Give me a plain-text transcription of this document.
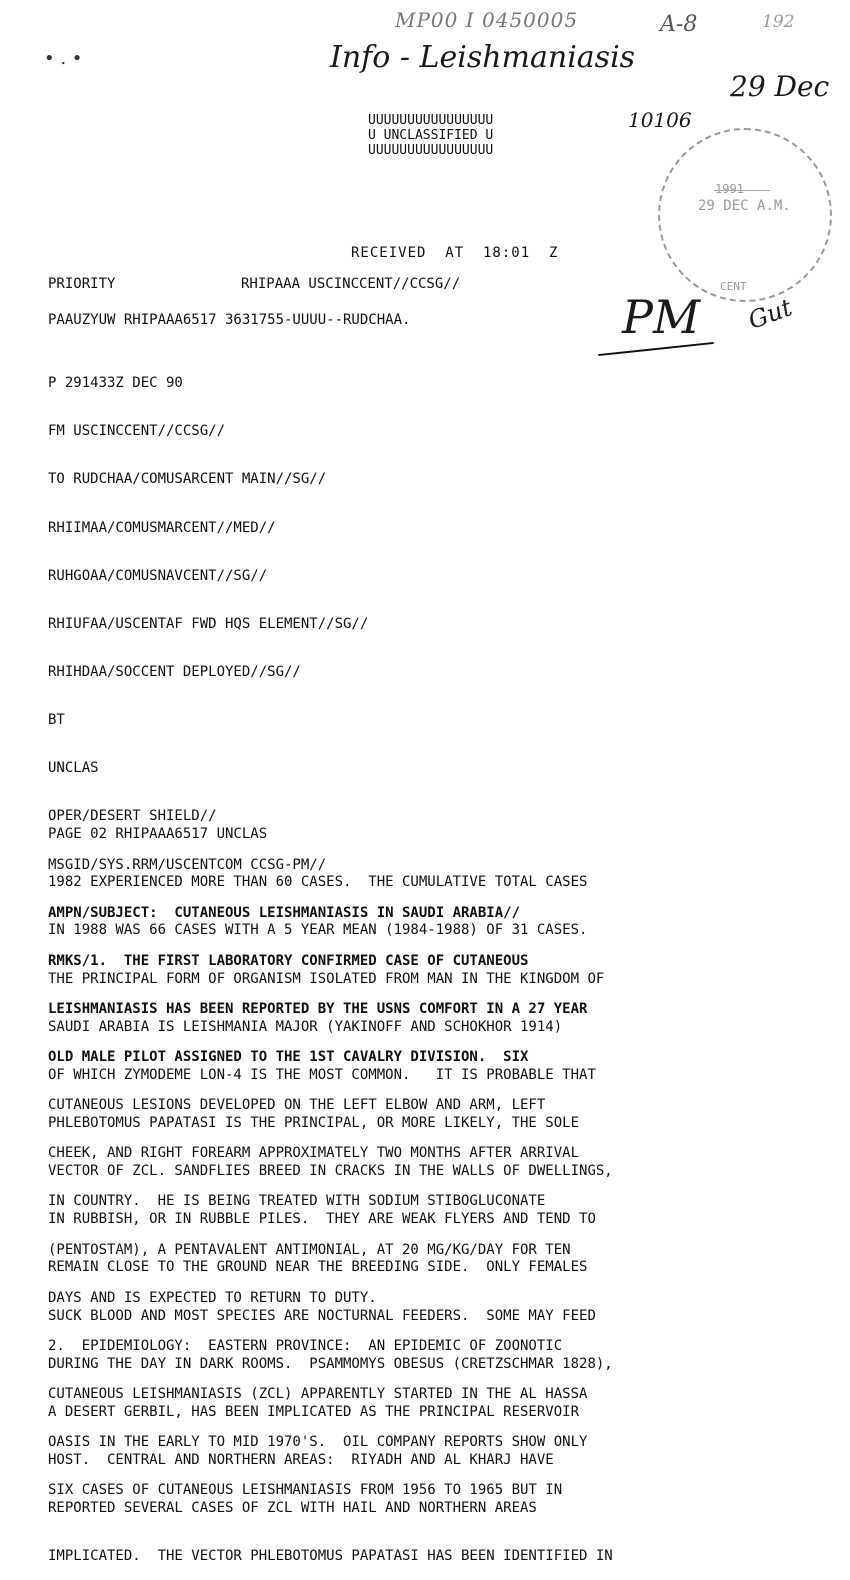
MP00 I 0450005	A-8	192
• . •	Info - Leishmaniasis
29 Dec
10106
PM Gut
1991
29 DEC A.M.
CENT
UUUUUUUUUUUUUUUU
U UNCLASSIFIED U
UUUUUUUUUUUUUUUU
RECEIVED  AT  18:01  Z
PRIORITY	RHIPAAA USCINCCENT//CCSG//
PAAUZYUW RHIPAAA6517 3631755-UUUU--RUDCHAA.

P 291433Z DEC 90

FM USCINCCENT//CCSG//

TO RUDCHAA/COMUSARCENT MAIN//SG//

RHIIMAA/COMUSMARCENT//MED//

RUHGOAA/COMUSNAVCENT//SG//

RHIUFAA/USCENTAF FWD HQS ELEMENT//SG//

RHIHDAA/SOCCENT DEPLOYED//SG//

BT

UNCLAS

OPER/DESERT SHIELD//

MSGID/SYS.RRM/USCENTCOM CCSG-PM//

AMPN/SUBJECT:  CUTANEOUS LEISHMANIASIS IN SAUDI ARABIA//

RMKS/1.  THE FIRST LABORATORY CONFIRMED CASE OF CUTANEOUS

LEISHMANIASIS HAS BEEN REPORTED BY THE USNS COMFORT IN A 27 YEAR

OLD MALE PILOT ASSIGNED TO THE 1ST CAVALRY DIVISION.  SIX

CUTANEOUS LESIONS DEVELOPED ON THE LEFT ELBOW AND ARM, LEFT

CHEEK, AND RIGHT FOREARM APPROXIMATELY TWO MONTHS AFTER ARRIVAL

IN COUNTRY.  HE IS BEING TREATED WITH SODIUM STIBOGLUCONATE

(PENTOSTAM), A PENTAVALENT ANTIMONIAL, AT 20 MG/KG/DAY FOR TEN

DAYS AND IS EXPECTED TO RETURN TO DUTY.

2.  EPIDEMIOLOGY:  EASTERN PROVINCE:  AN EPIDEMIC OF ZOONOTIC

CUTANEOUS LEISHMANIASIS (ZCL) APPARENTLY STARTED IN THE AL HASSA

OASIS IN THE EARLY TO MID 1970'S.  OIL COMPANY REPORTS SHOW ONLY

SIX CASES OF CUTANEOUS LEISHMANIASIS FROM 1956 TO 1965 BUT IN

PAGE 02 RHIPAAA6517 UNCLAS

1982 EXPERIENCED MORE THAN 60 CASES.  THE CUMULATIVE TOTAL CASES

IN 1988 WAS 66 CASES WITH A 5 YEAR MEAN (1984-1988) OF 31 CASES.

THE PRINCIPAL FORM OF ORGANISM ISOLATED FROM MAN IN THE KINGDOM OF

SAUDI ARABIA IS LEISHMANIA MAJOR (YAKINOFF AND SCHOKHOR 1914)

OF WHICH ZYMODEME LON-4 IS THE MOST COMMON.   IT IS PROBABLE THAT

PHLEBOTOMUS PAPATASI IS THE PRINCIPAL, OR MORE LIKELY, THE SOLE

VECTOR OF ZCL. SANDFLIES BREED IN CRACKS IN THE WALLS OF DWELLINGS,

IN RUBBISH, OR IN RUBBLE PILES.  THEY ARE WEAK FLYERS AND TEND TO

REMAIN CLOSE TO THE GROUND NEAR THE BREEDING SIDE.  ONLY FEMALES

SUCK BLOOD AND MOST SPECIES ARE NOCTURNAL FEEDERS.  SOME MAY FEED

DURING THE DAY IN DARK ROOMS.  PSAMMOMYS OBESUS (CRETZSCHMAR 1828),

A DESERT GERBIL, HAS BEEN IMPLICATED AS THE PRINCIPAL RESERVOIR

HOST.  CENTRAL AND NORTHERN AREAS:  RIYADH AND AL KHARJ HAVE

REPORTED SEVERAL CASES OF ZCL WITH HAIL AND NORTHERN AREAS

IMPLICATED.  THE VECTOR PHLEBOTOMUS PAPATASI HAS BEEN IDENTIFIED IN
